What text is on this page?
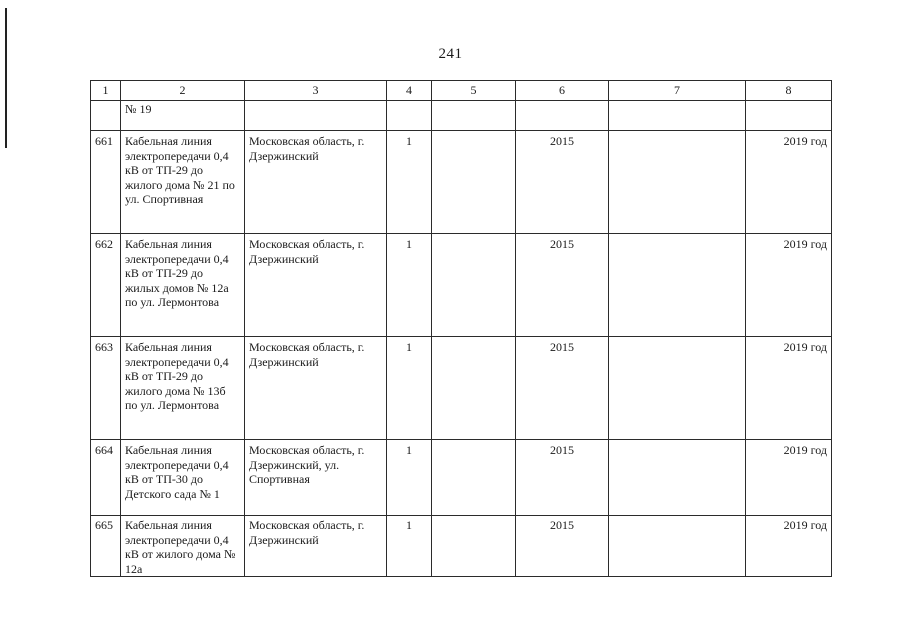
241
1	2	3	4	5	6	7	8
	№ 19						
661	Кабельная линия электропередачи 0,4 кВ от ТП-29 до жилого дома № 21 по ул. Спортивная	Московская область, г. Дзержинский	1		2015		2019 год
662	Кабельная линия электропередачи 0,4 кВ от ТП-29 до жилых домов № 12а по ул. Лермонтова	Московская область, г. Дзержинский	1		2015		2019 год
663	Кабельная линия электропередачи 0,4 кВ от ТП-29 до жилого дома № 13б по ул. Лермонтова	Московская область, г. Дзержинский	1		2015		2019 год
664	Кабельная линия электропередачи 0,4 кВ от ТП-30 до Детского сада № 1	Московская область, г. Дзержинский, ул. Спортивная	1		2015		2019 год
665	Кабельная линия электропередачи 0,4 кВ от жилого дома № 12а	Московская область, г. Дзержинский	1		2015		2019 год
